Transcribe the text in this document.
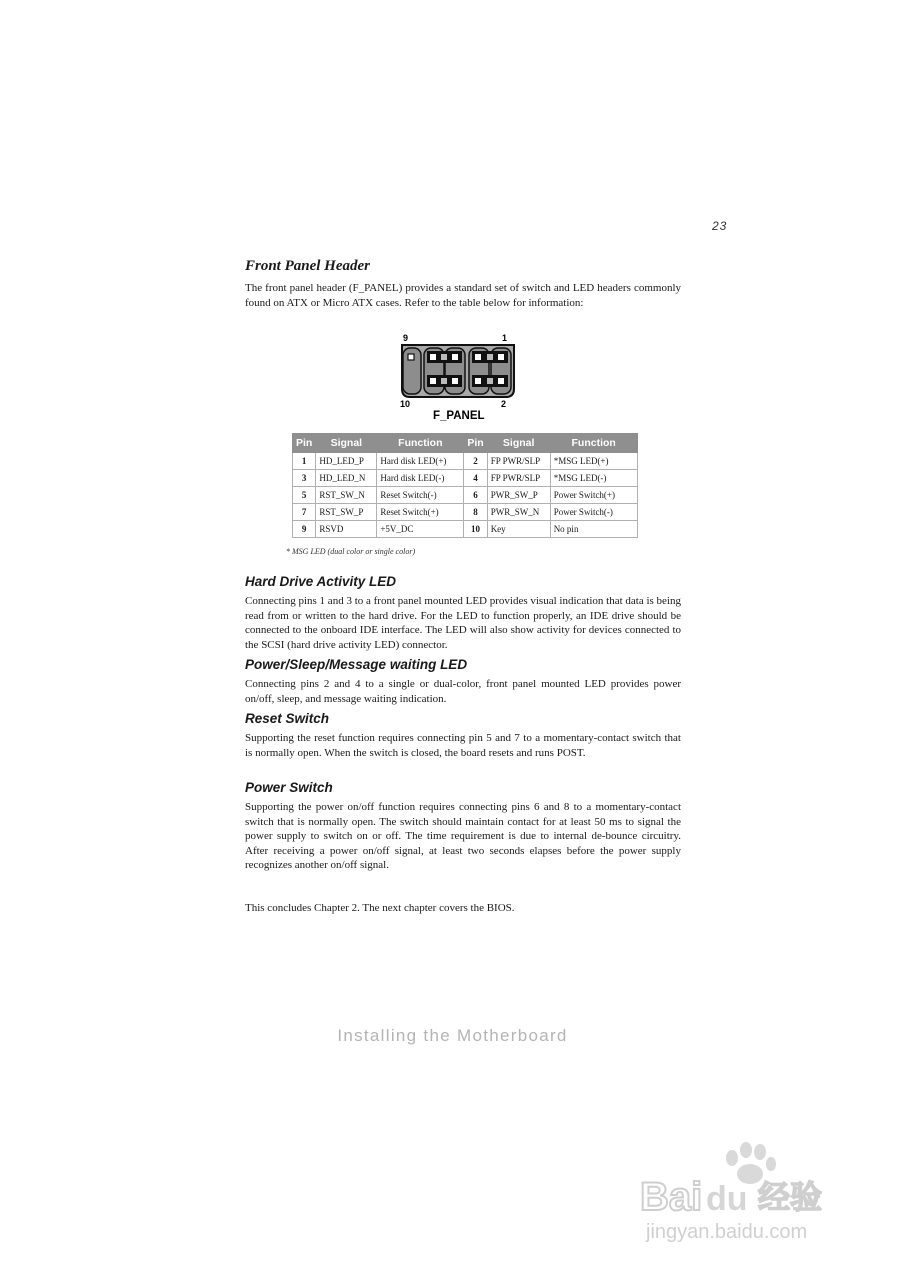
23
Front Panel Header

The front panel header (F_PANEL) provides a standard set of switch and LED headers commonly found on ATX or Micro ATX cases. Refer to the table below for information:

9	1
10	2
F_PANEL
Pin	Signal	Function	Pin	Signal	Function
1	HD_LED_P	Hard disk LED(+)	2	FP PWR/SLP	*MSG LED(+)
3	HD_LED_N	Hard disk LED(-)	4	FP PWR/SLP	*MSG LED(-)
5	RST_SW_N	Reset Switch(-)	6	PWR_SW_P	Power Switch(+)
7	RST_SW_P	Reset Switch(+)	8	PWR_SW_N	Power Switch(-)
9	RSVD	+5V_DC	10	Key	No pin
* MSG LED (dual color or single color)
Hard Drive Activity LED

Connecting pins 1 and 3 to a front panel mounted LED provides visual indication that data is being read from or written to the hard drive. For the LED to function properly, an IDE drive should be connected to the onboard IDE interface. The LED will also show activity for devices connected to the SCSI (hard drive activity LED) connector.

Power/Sleep/Message waiting LED

Connecting pins 2 and 4 to a single or dual-color, front panel mounted LED provides power on/off, sleep, and message waiting indication.

Reset Switch

Supporting the reset function requires connecting pin 5 and 7 to a momentary-contact switch that is normally open. When the switch is closed, the board resets and runs POST.

Power Switch

Supporting the power on/off function requires connecting pins 6 and 8 to a momentary-contact switch that is normally open. The switch should maintain contact for at least 50 ms to signal the power supply to switch on or off. The time requirement is due to internal de-bounce circuitry. After receiving a power on/off signal, at least two seconds elapses before the power supply recognizes another on/off signal.

This concludes Chapter 2. The next chapter covers the BIOS.

Installing the Motherboard
Bai du 经验
jingyan.baidu.com
